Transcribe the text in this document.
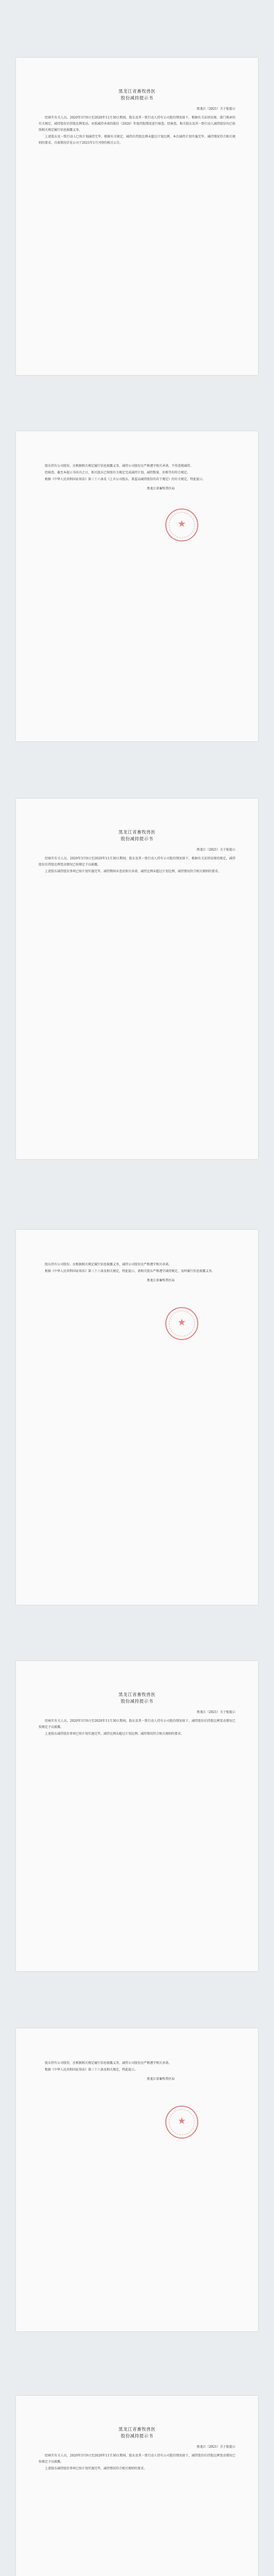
黑龙江省畜牧兽医
股份减持提示书
黑龙江（2021）关于检提示

经核实有关人员，2020年3月9日至2020年11月30日期间，股东及其一致行动人持有公司股份情况如下，根据有关法律法规、部门规章的有关规定，减持股份后持股比例变动，对照减持承诺的股份（2020）年度持股情况进行核查。经核查，相关股东及其一致行动人减持股份均已按照相关规定履行信息披露义务。

上述股东及一致行动人已按计划减持完毕，根据有关规定，减持后持股比例未超过计划比例，本次减持计划实施完毕，减持情况符合相关规则的要求，具体情况详见公司于2021年1月刊登的相关公告。

股东持有公司股份，应根据相关规定履行信息披露义务，减持公司股份应严格遵守相关承诺，不得违规减持。

经核查，截至本提示书出具之日，相关股东已按照有关规定完成减持计划，减持数量、价格等均符合规定。

根据《中华人民共和国证券法》第三十六条及《上市公司股东、董监高减持股份的若干规定》的有关规定，特此提示。

黑龙江省畜牧兽医局
★
黑龙江省畜牧兽医
股份减持提示书
黑龙江（2021）关于检提示

经核实有关人员，2020年3月9日至2020年11月30日期间，股东及其一致行动人持有公司股份情况如下，根据有关法律法规的规定，减持股份后持股比例变动情况已按规定予以披露。

上述股东减持股份事项已按计划实施完毕，减持期间未违反相关承诺，减持比例未超过计划比例，减持情况符合相关规则的要求。

股东持有公司股份，应根据相关规定履行信息披露义务，减持公司股份应严格遵守相关承诺。

根据《中华人民共和国证券法》第三十六条及相关规定，特此提示，请相关股东严格遵守减持规定，及时履行信息披露义务。

黑龙江省畜牧兽医局
★
黑龙江省畜牧兽医
股份减持提示书
黑龙江（2021）关于检提示

经核实有关人员，2020年3月9日至2020年11月30日期间，股东及其一致行动人持有公司股份情况如下，减持股份后持股比例变动情况已按规定予以披露。

上述股东减持股份事项已按计划实施完毕，减持比例未超过计划比例，减持情况符合相关规则的要求。

股东持有公司股份，应根据相关规定履行信息披露义务，减持公司股份应严格遵守相关承诺。

根据《中华人民共和国证券法》第三十六条及相关规定，特此提示。

黑龙江省畜牧兽医局
★
黑龙江省畜牧兽医
股份减持提示书
黑龙江（2021）关于检提示

经核实有关人员，2020年3月9日至2020年11月30日期间，股东及其一致行动人持有公司股份情况如下，减持股份后持股比例变动情况已按规定予以披露。

上述股东减持股份事项已按计划实施完毕，减持情况符合相关规则的要求。
